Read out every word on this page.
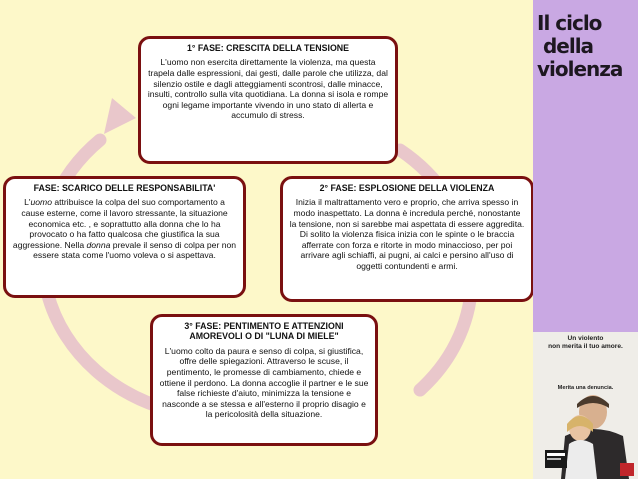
1° FASE: CRESCITA DELLA TENSIONE
L'uomo non esercita direttamente la violenza, ma questa trapela dalle espressioni, dai gesti, dalle parole che utilizza, dal silenzio ostile e dagli atteggiamenti scontrosi, dalle minacce, insulti, controllo sulla vita quotidiana. La donna si isola e rompe ogni legame importante vivendo in uno stato di allerta e accumulo di stress.
2° FASE: ESPLOSIONE DELLA VIOLENZA
Inizia il maltrattamento vero e proprio, che arriva spesso in modo inaspettato. La donna è incredula perché, nonostante la tensione, non si sarebbe mai aspettata di essere aggredita. Di solito la violenza fisica inizia con le spinte o le braccia afferrate con forza e ritorte in modo minaccioso, per poi arrivare agli schiaffi, ai pugni, ai calci e persino all'uso di oggetti contundenti e armi.
3° FASE: PENTIMENTO E ATTENZIONI AMOREVOLI O DI "LUNA DI MIELE"
L'uomo colto da paura e senso di colpa, si giustifica, offre delle spiegazioni. Attraverso le scuse, il pentimento, le promesse di cambiamento, chiede e ottiene il perdono. La donna accoglie il partner e le sue false richieste d'aiuto, minimizza la tensione e nasconde a se stessa e all'esterno il proprio disagio e la pericolosità della situazione.
FASE: SCARICO DELLE RESPONSABILITA'
L'uomo attribuisce la colpa del suo comportamento a cause esterne, come il lavoro stressante, la situazione economica etc. , e soprattutto alla donna che lo ha provocato o ha fatto qualcosa che giustifica la sua aggressione. Nella donna prevale il senso di colpa per non essere stata come l'uomo voleva o si aspettava.
Il ciclo
della
violenza
Un violento
non merita il tuo amore.
Merita una denuncia.
